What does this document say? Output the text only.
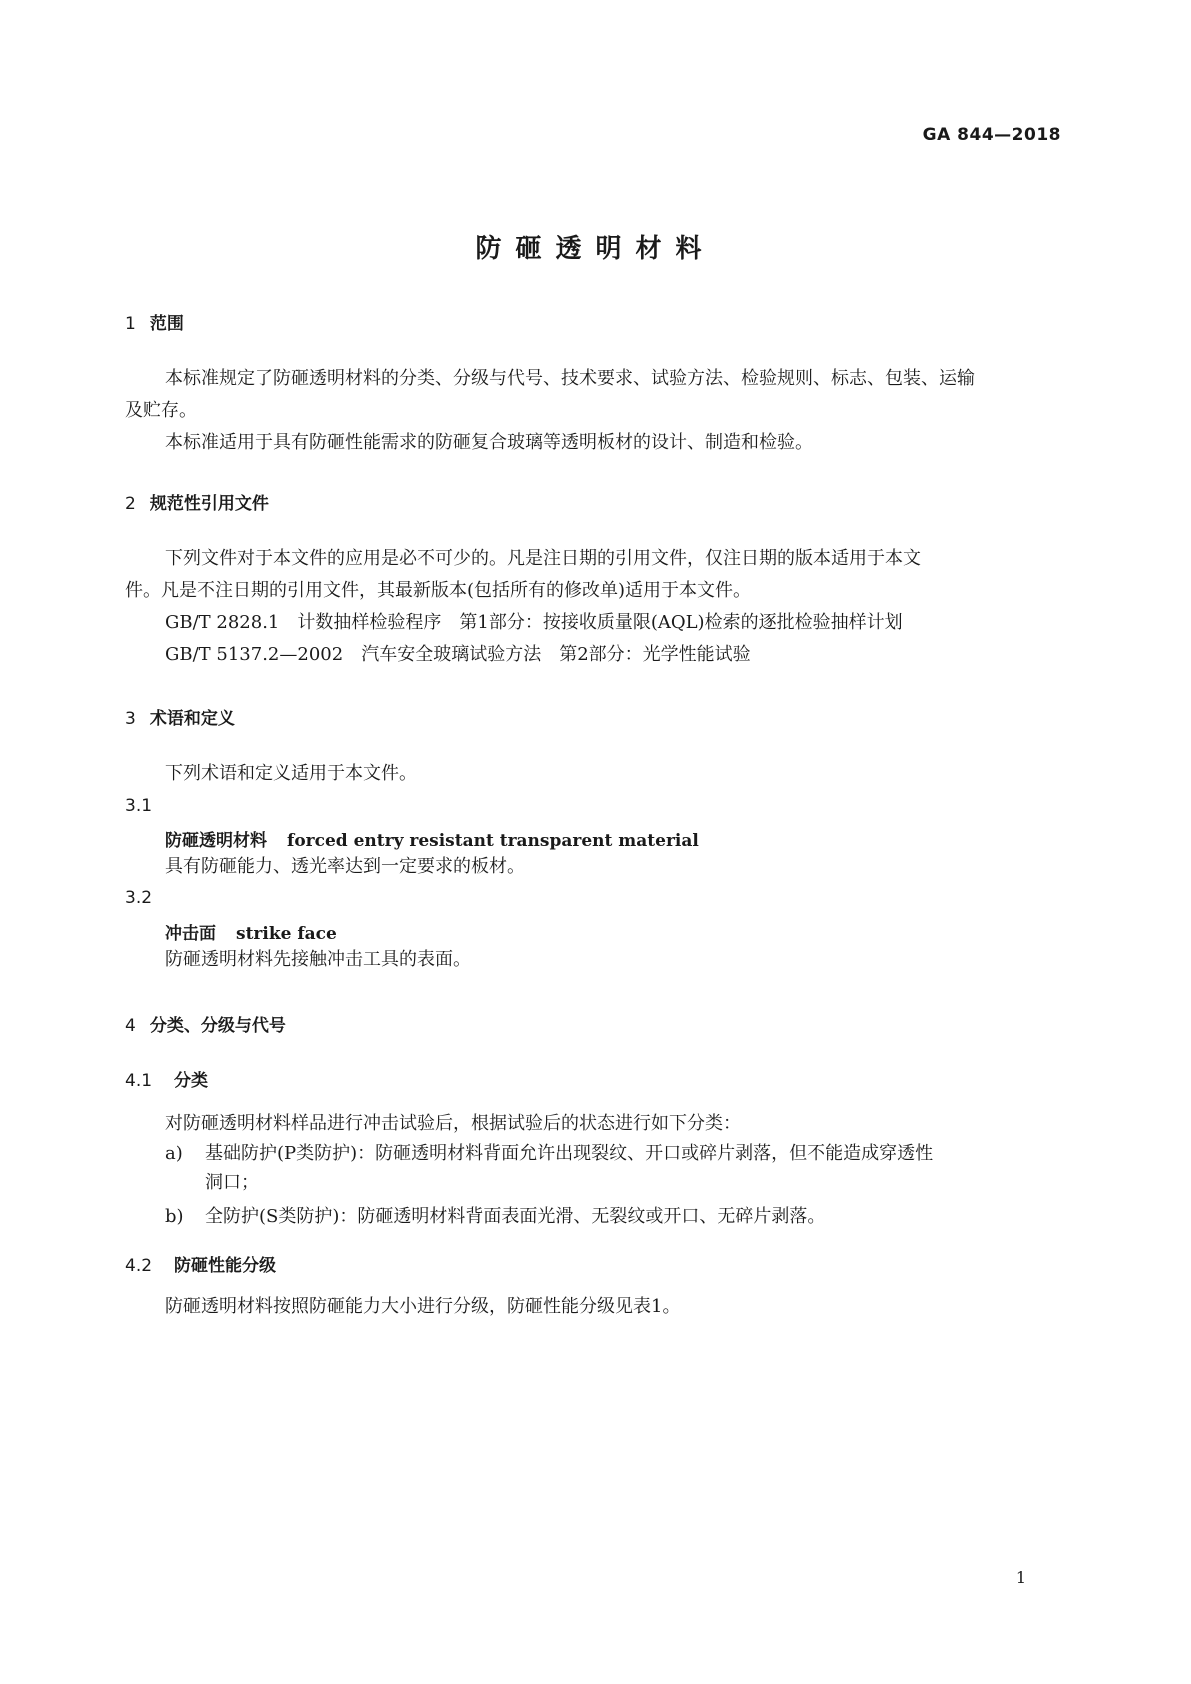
GA 844—2018
防砸透明材料
1 范围
本标准规定了防砸透明材料的分类、分级与代号、技术要求、试验方法、检验规则、标志、包装、运输
及贮存。
本标准适用于具有防砸性能需求的防砸复合玻璃等透明板材的设计、制造和检验。
2 规范性引用文件
下列文件对于本文件的应用是必不可少的。凡是注日期的引用文件，仅注日期的版本适用于本文
件。凡是不注日期的引用文件，其最新版本(包括所有的修改单)适用于本文件。
GB/T 2828.1　计数抽样检验程序　第1部分：按接收质量限(AQL)检索的逐批检验抽样计划
GB/T 5137.2—2002　汽车安全玻璃试验方法　第2部分：光学性能试验
3 术语和定义
下列术语和定义适用于本文件。
3.1
防砸透明材料 forced entry resistant transparent material
具有防砸能力、透光率达到一定要求的板材。
3.2
冲击面 strike face
防砸透明材料先接触冲击工具的表面。
4 分类、分级与代号
4.1 分类
对防砸透明材料样品进行冲击试验后，根据试验后的状态进行如下分类：
a) 基础防护(P类防护)：防砸透明材料背面允许出现裂纹、开口或碎片剥落，但不能造成穿透性
洞口；
b) 全防护(S类防护)：防砸透明材料背面表面光滑、无裂纹或开口、无碎片剥落。
4.2 防砸性能分级
防砸透明材料按照防砸能力大小进行分级，防砸性能分级见表1。
1
